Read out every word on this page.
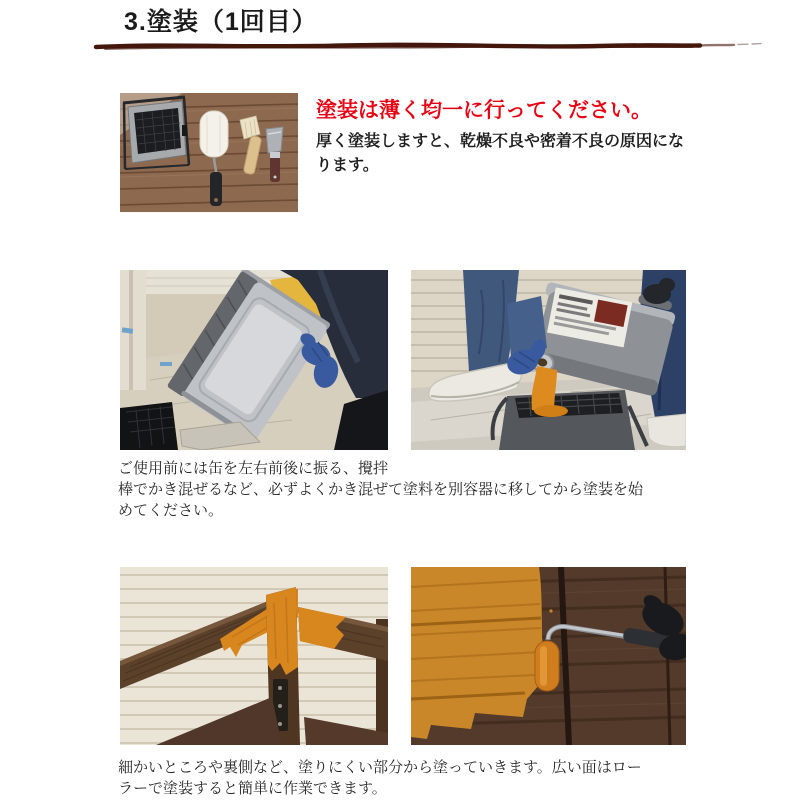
3.塗装（1回目）
塗装は薄く均一に行ってください。
厚く塗装しますと、乾燥不良や密着不良の原因にな
ります。
ご使用前には缶を左右前後に振る、攪拌
棒でかき混ぜるなど、必ずよくかき混ぜて塗料を別容器に移してから塗装を始
めてください。
細かいところや裏側など、塗りにくい部分から塗っていきます。広い面はロー
ラーで塗装すると簡単に作業できます。
